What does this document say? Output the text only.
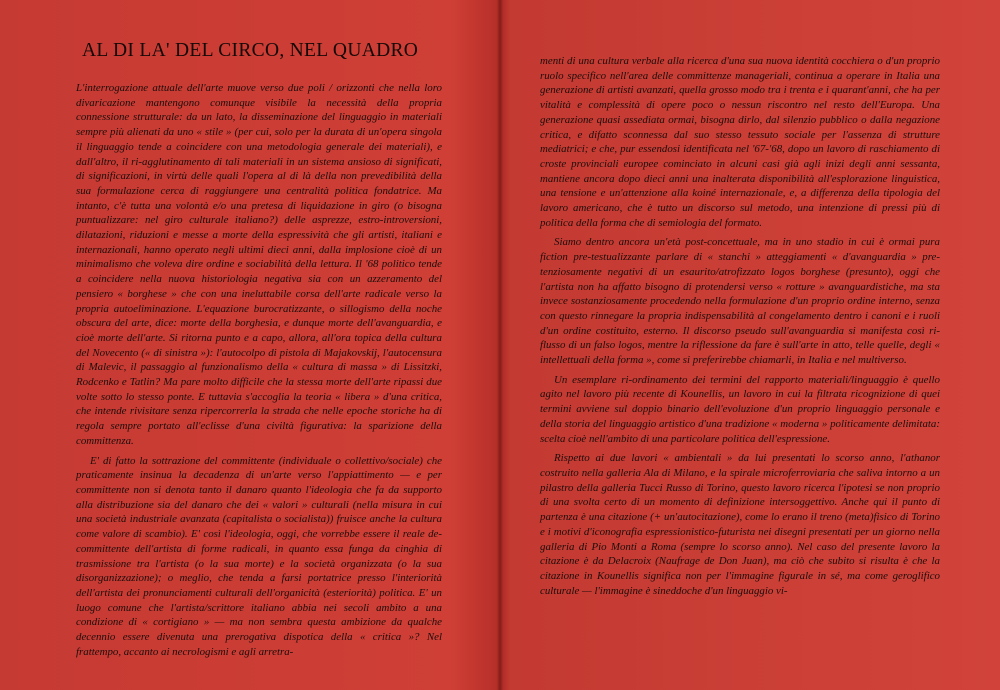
AL DI LA' DEL CIRCO, NEL QUADRO

L'interrogazione attuale dell'arte muove verso due poli / orizzonti che nella loro divaricazione mantengono comunque visibile la necessità della propria connessione strutturale: da un lato, la disseminazione del linguaggio in materiali sempre più alienati da uno « stile » (per cui, solo per la durata di un'opera singola il linguaggio tende a coincidere con una metodologia generale dei materiali), e dall'altro, il ri-agglutinamento di tali materiali in un sistema ansioso di significati, di significazioni, in virtù delle quali l'opera al di là della non prevedibilità della sua formulazione cerca di raggiungere una centralità politica fondatrice. Ma intanto, c'è tutta una volontà e/o una pretesa di liquidazione in giro (o bisogna puntualizzare: nel giro culturale italiano?) delle asprezze, estro-introversioni, dilatazioni, riduzioni e messe a morte della espressività che gli artisti, italiani e internazionali, hanno operato negli ultimi dieci anni, dalla implosione cioè di un minimalismo che voleva dire ordine e sociabilità della lettura. Il '68 politico tende a coincidere nella nuova historiologia negativa sia con un azzeramento del pensiero « borghese » che con una ineluttabile corsa dell'arte radicale verso la propria autoeliminazione. L'equazione burocratizzante, o sillogismo della noche obscura del arte, dice: morte della borghesia, e dunque morte dell'avanguardia, e cioè morte dell'arte. Si ritorna punto e a capo, allora, all'ora topica della cultura del Novecento (« di sinistra »): l'autocolpo di pistola di Majakovskij, l'autocensura di Malevic, il passaggio al funzionalismo della « cultura di massa » di Lissitzki, Rodcenko e Tatlin? Ma pare molto difficile che la stessa morte dell'arte ripassi due volte sotto lo stesso ponte. E tuttavia s'accoglia la teoria « libera » d'una critica, che intende rivisitare senza ripercorrerla la strada che nelle epoche storiche ha di regola sempre portato all'eclisse d'una civiltà figurativa: la sparizione della committenza.

E' di fatto la sottrazione del committente (individuale o collettivo/sociale) che praticamente insinua la decadenza di un'arte verso l'appiattimento — e per committente non si denota tanto il danaro quanto l'ideologia che fa da supporto alla distribuzione sia del danaro che dei « valori » culturali (nella misura in cui una società industriale avanzata (capitalista o socialista)) fruisce anche la cultura come valore di scambio). E' così l'ideologia, oggi, che vorrebbe essere il reale de-committente dell'artista di forme radicali, in quanto essa funga da cinghia di trasmissione tra l'artista (o la sua morte) e la società organizzata (o la sua disorganizzazione); o meglio, che tenda a farsi portatrice presso l'interiorità dell'artista dei pronunciamenti culturali dell'organicità (esteriorità) politica. E' un luogo comune che l'artista/scrittore italiano abbia nei secoli ambito a una condizione di « cortigiano » — ma non sembra questa ambizione da qualche decennio essere divenuta una prerogativa dispotica della « critica »? Nel frattempo, accanto ai necrologismi e agli arretra-

menti di una cultura verbale alla ricerca d'una sua nuova identità cocchiera o d'un proprio ruolo specifico nell'area delle committenze manageriali, continua a operare in Italia una generazione di artisti avanzati, quella grosso modo tra i trenta e i quarant'anni, che ha per vitalità e complessità di opere poco o nessun riscontro nel resto dell'Europa. Una generazione quasi assediata ormai, bisogna dirlo, dal silenzio pubblico o dalla negazione critica, e difatto sconnessa dal suo stesso tessuto sociale per l'assenza di strutture mediatrici; e che, pur essendosi identificata nel '67-'68, dopo un lavoro di raschiamento di croste provinciali europee cominciato in alcuni casi già agli inizi degli anni sessanta, mantiene ancora dopo dieci anni una inalterata disponibilità all'esplorazione linguistica, una tensione e un'attenzione alla koiné internazionale, e, a differenza della tipologia del lavoro americano, che è tutto un discorso sul metodo, una intenzione di pressi più di politica della forma che di semiologia del formato.

Siamo dentro ancora un'età post-concettuale, ma in uno stadio in cui è ormai pura fiction pre-testualizzante parlare di « stanchi » atteggiamenti « d'avanguardia » pre-tenziosamente negativi di un esaurito/atrofizzato logos borghese (presunto), oggi che l'artista non ha affatto bisogno di protendersi verso « rotture » avanguardistiche, ma sta invece sostanziosamente procedendo nella formulazione d'un proprio ordine interno, senza con questo rinnegare la propria indispensabilità al congelamento dentro i canoni e i ruoli d'un ordine costituito, esterno. Il discorso pseudo sull'avanguardia si manifesta così ri-flusso di un falso logos, mentre la riflessione da fare è sull'arte in atto, telle quelle, degli « intellettuali della forma », come si preferirebbe chiamarli, in Italia e nel multiverso.

Un esemplare ri-ordinamento dei termini del rapporto materiali/linguaggio è quello agito nel lavoro più recente di Kounellis, un lavoro in cui la filtrata ricognizione di quei termini avviene sul doppio binario dell'evoluzione d'un proprio linguaggio personale e della storia del linguaggio artistico d'una tradizione « moderna » politicamente delimitata: scelta cioè nell'ambito di una particolare politica dell'espressione.

Rispetto ai due lavori « ambientali » da lui presentati lo scorso anno, l'athanor costruito nella galleria Ala di Milano, e la spirale microferroviaria che saliva intorno a un pilastro della galleria Tucci Russo di Torino, questo lavoro ricerca l'ipotesi se non proprio di una svolta certo di un momento di definizione intersoggettivo. Anche qui il punto di partenza è una citazione (+ un'autocitazione), come lo erano il treno (meta)fisico di Torino e i motivi d'iconografia espressionistico-futurista nei disegni presentati per un giorno nella galleria di Pio Monti a Roma (sempre lo scorso anno). Nel caso del presente lavoro la citazione è da Delacroix (Naufrage de Don Juan), ma ciò che subito si risulta è che la citazione in Kounellis significa non per l'immagine figurale in sé, ma come geroglifico culturale — l'immagine è sineddoche d'un linguaggio vi-
